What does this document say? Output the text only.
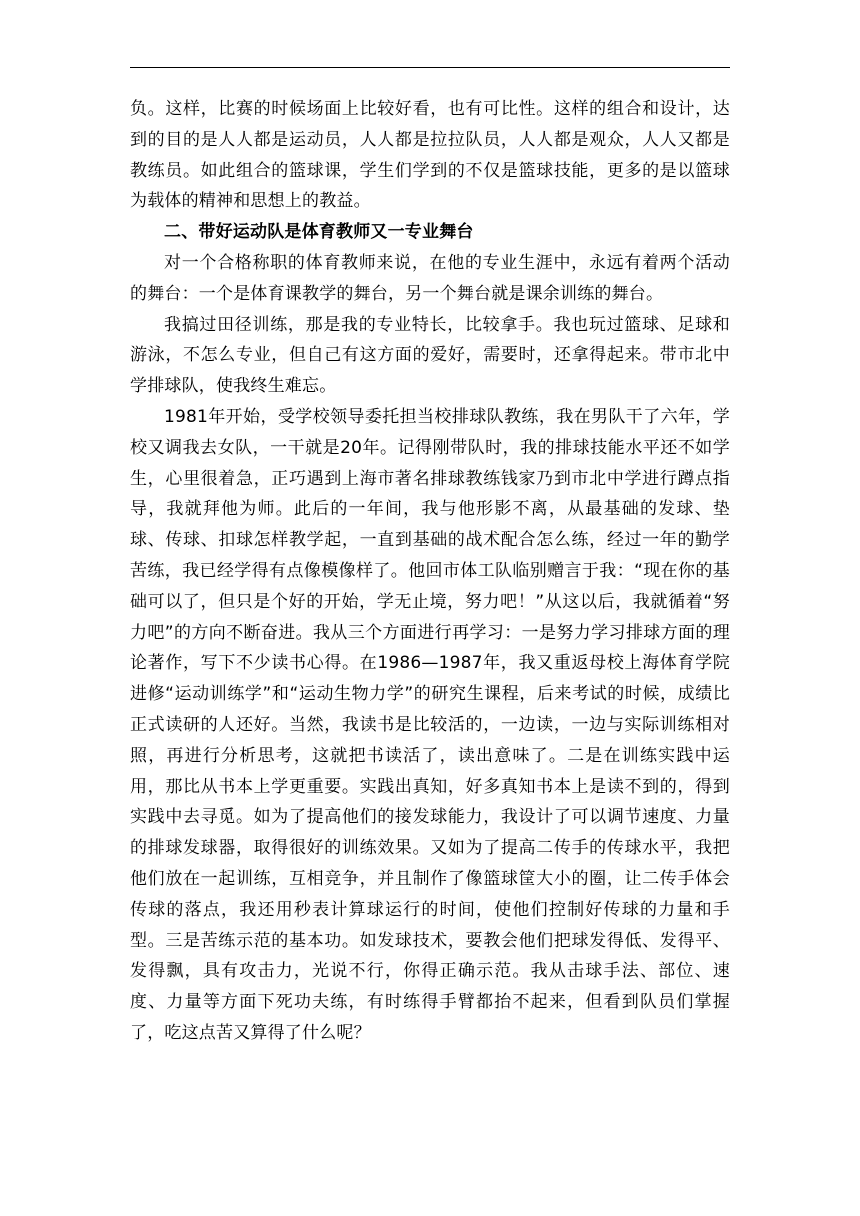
负。这样，比赛的时候场面上比较好看，也有可比性。这样的组合和设计，达到的目的是人人都是运动员，人人都是拉拉队员，人人都是观众，人人又都是教练员。如此组合的篮球课，学生们学到的不仅是篮球技能，更多的是以篮球为载体的精神和思想上的教益。

二、带好运动队是体育教师又一专业舞台

对一个合格称职的体育教师来说，在他的专业生涯中，永远有着两个活动的舞台：一个是体育课教学的舞台，另一个舞台就是课余训练的舞台。

我搞过田径训练，那是我的专业特长，比较拿手。我也玩过篮球、足球和游泳，不怎么专业，但自己有这方面的爱好，需要时，还拿得起来。带市北中学排球队，使我终生难忘。

1981年开始，受学校领导委托担当校排球队教练，我在男队干了六年，学校又调我去女队，一干就是20年。记得刚带队时，我的排球技能水平还不如学生，心里很着急，正巧遇到上海市著名排球教练钱家乃到市北中学进行蹲点指导，我就拜他为师。此后的一年间，我与他形影不离，从最基础的发球、垫球、传球、扣球怎样教学起，一直到基础的战术配合怎么练，经过一年的勤学苦练，我已经学得有点像模像样了。他回市体工队临别赠言于我：“现在你的基础可以了，但只是个好的开始，学无止境，努力吧！”从这以后，我就循着“努力吧”的方向不断奋进。我从三个方面进行再学习：一是努力学习排球方面的理论著作，写下不少读书心得。在1986—1987年，我又重返母校上海体育学院进修“运动训练学”和“运动生物力学”的研究生课程，后来考试的时候，成绩比正式读研的人还好。当然，我读书是比较活的，一边读，一边与实际训练相对照，再进行分析思考，这就把书读活了，读出意味了。二是在训练实践中运用，那比从书本上学更重要。实践出真知，好多真知书本上是读不到的，得到实践中去寻觅。如为了提高他们的接发球能力，我设计了可以调节速度、力量的排球发球器，取得很好的训练效果。又如为了提高二传手的传球水平，我把他们放在一起训练，互相竞争，并且制作了像篮球筐大小的圈，让二传手体会传球的落点，我还用秒表计算球运行的时间，使他们控制好传球的力量和手型。三是苦练示范的基本功。如发球技术，要教会他们把球发得低、发得平、发得飘，具有攻击力，光说不行，你得正确示范。我从击球手法、部位、速度、力量等方面下死功夫练，有时练得手臂都抬不起来，但看到队员们掌握了，吃这点苦又算得了什么呢？
